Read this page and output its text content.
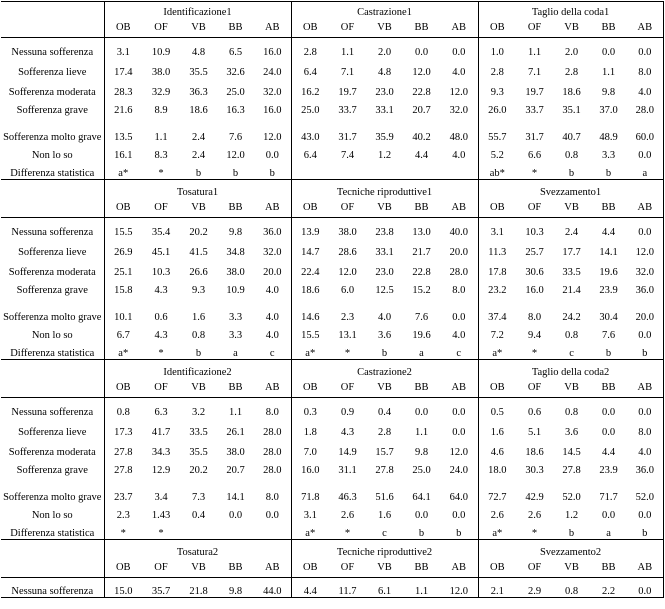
	Identificazione1					Castrazione1					Taglio della coda1				
	OB	OF	VB	BB	AB	OB	OF	VB	BB	AB	OB	OF	VB	BB	AB
Nessuna sofferenza	3.1	10.9	4.8	6.5	16.0	2.8	1.1	2.0	0.0	0.0	1.0	1.1	2.0	0.0	0.0
Sofferenza lieve	17.4	38.0	35.5	32.6	24.0	6.4	7.1	4.8	12.0	4.0	2.8	7.1	2.8	1.1	8.0
Sofferenza moderata	28.3	32.9	36.3	25.0	32.0	16.2	19.7	23.0	22.8	12.0	9.3	19.7	18.6	9.8	4.0
Sofferenza grave	21.6	8.9	18.6	16.3	16.0	25.0	33.7	33.1	20.7	32.0	26.0	33.7	35.1	37.0	28.0
Sofferenza molto grave	13.5	1.1	2.4	7.6	12.0	43.0	31.7	35.9	40.2	48.0	55.7	31.7	40.7	48.9	60.0
Non lo so	16.1	8.3	2.4	12.0	0.0	6.4	7.4	1.2	4.4	4.0	5.2	6.6	0.8	3.3	0.0
Differenza statistica	a*	*	b	b	b						ab*	*	b	b	a
	Tosatura1					Tecniche riproduttive1					Svezzamento1				
	OB	OF	VB	BB	AB	OB	OF	VB	BB	AB	OB	OF	VB	BB	AB
Nessuna sofferenza	15.5	35.4	20.2	9.8	36.0	13.9	38.0	23.8	13.0	40.0	3.1	10.3	2.4	4.4	0.0
Sofferenza lieve	26.9	45.1	41.5	34.8	32.0	14.7	28.6	33.1	21.7	20.0	11.3	25.7	17.7	14.1	12.0
Sofferenza moderata	25.1	10.3	26.6	38.0	20.0	22.4	12.0	23.0	22.8	28.0	17.8	30.6	33.5	19.6	32.0
Sofferenza grave	15.8	4.3	9.3	10.9	4.0	18.6	6.0	12.5	15.2	8.0	23.2	16.0	21.4	23.9	36.0
Sofferenza molto grave	10.1	0.6	1.6	3.3	4.0	14.6	2.3	4.0	7.6	0.0	37.4	8.0	24.2	30.4	20.0
Non lo so	6.7	4.3	0.8	3.3	4.0	15.5	13.1	3.6	19.6	4.0	7.2	9.4	0.8	7.6	0.0
Differenza statistica	a*	*	b	a	c	a*	*	b	a	c	a*	*	c	b	b
	Identificazione2					Castrazione2					Taglio della coda2				
	OB	OF	VB	BB	AB	OB	OF	VB	BB	AB	OB	OF	VB	BB	AB
Nessuna sofferenza	0.8	6.3	3.2	1.1	8.0	0.3	0.9	0.4	0.0	0.0	0.5	0.6	0.8	0.0	0.0
Sofferenza lieve	17.3	41.7	33.5	26.1	28.0	1.8	4.3	2.8	1.1	0.0	1.6	5.1	3.6	0.0	8.0
Sofferenza moderata	27.8	34.3	35.5	38.0	28.0	7.0	14.9	15.7	9.8	12.0	4.6	18.6	14.5	4.4	4.0
Sofferenza grave	27.8	12.9	20.2	20.7	28.0	16.0	31.1	27.8	25.0	24.0	18.0	30.3	27.8	23.9	36.0
Sofferenza molto grave	23.7	3.4	7.3	14.1	8.0	71.8	46.3	51.6	64.1	64.0	72.7	42.9	52.0	71.7	52.0
Non lo so	2.3	1.43	0.4	0.0	0.0	3.1	2.6	1.6	0.0	0.0	2.6	2.6	1.2	0.0	0.0
Differenza statistica	*	*				a*	*	c	b	b	a*	*	b	a	b
	Tosatura2					Tecniche riproduttive2					Svezzamento2				
	OB	OF	VB	BB	AB	OB	OF	VB	BB	AB	OB	OF	VB	BB	AB
Nessuna sofferenza	15.0	35.7	21.8	9.8	44.0	4.4	11.7	6.1	1.1	12.0	2.1	2.9	0.8	2.2	0.0
